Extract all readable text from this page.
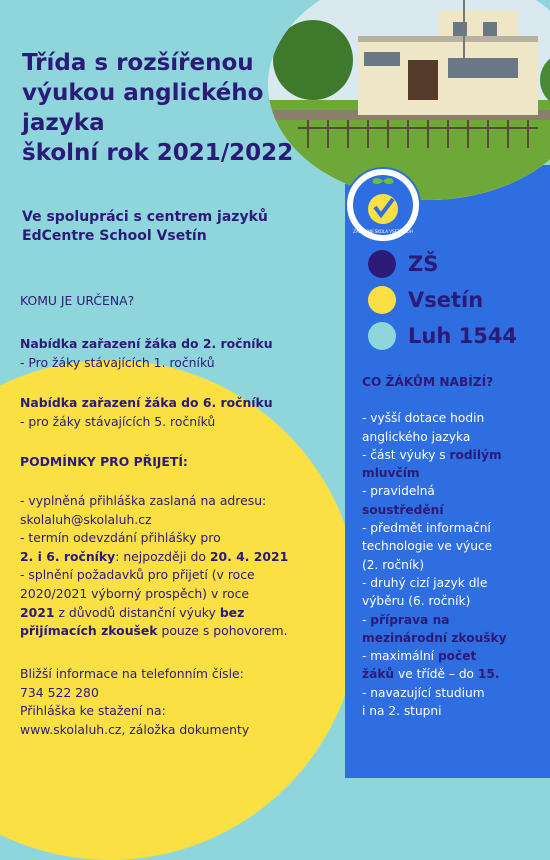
ZÁKLADNÍ ŠKOLA VSETÍN LUH
Třída s rozšířenou
výukou anglického
jazyka
školní rok 2021/2022

Ve spolupráci s centrem jazyků
EdCentre School Vsetín

KOMU JE URČENA?
Nabídka zařazení žáka do 2. ročníku
- Pro žáky stávajících 1. ročníků
Nabídka zařazení žáka do 6. ročníku
- pro žáky stávajících 5. ročníků
PODMÍNKY PRO PŘIJETÍ:
- vyplněná přihláška zaslaná na adresu:
skolaluh@skolaluh.cz
- termín odevzdání přihlášky pro
2. i 6. ročníky: nejpozději do 20. 4. 2021
- splnění požadavků pro přijetí (v roce
2020/2021 výborný prospěch) v roce
2021 z důvodů distanční výuky bez
přijímacích zkoušek pouze s pohovorem.
Bližší informace na telefonním čísle:
734 522 280
Přihláška ke stažení na:
www.skolaluh.cz, záložka dokumenty
ZŠ
Vsetín
Luh 1544
CO ŽÁKŮM NABÍZÍ?
- vyšší dotace hodin
anglického jazyka
- část výuky s rodilým
mluvčím
- pravidelná
soustředění
- předmět informační
technologie ve výuce
(2. ročník)
- druhý cizí jazyk dle
výběru (6. ročník)
- příprava na
mezinárodní zkoušky
- maximální počet
žáků ve třídě – do 15.
- navazující studium
i na 2. stupni
